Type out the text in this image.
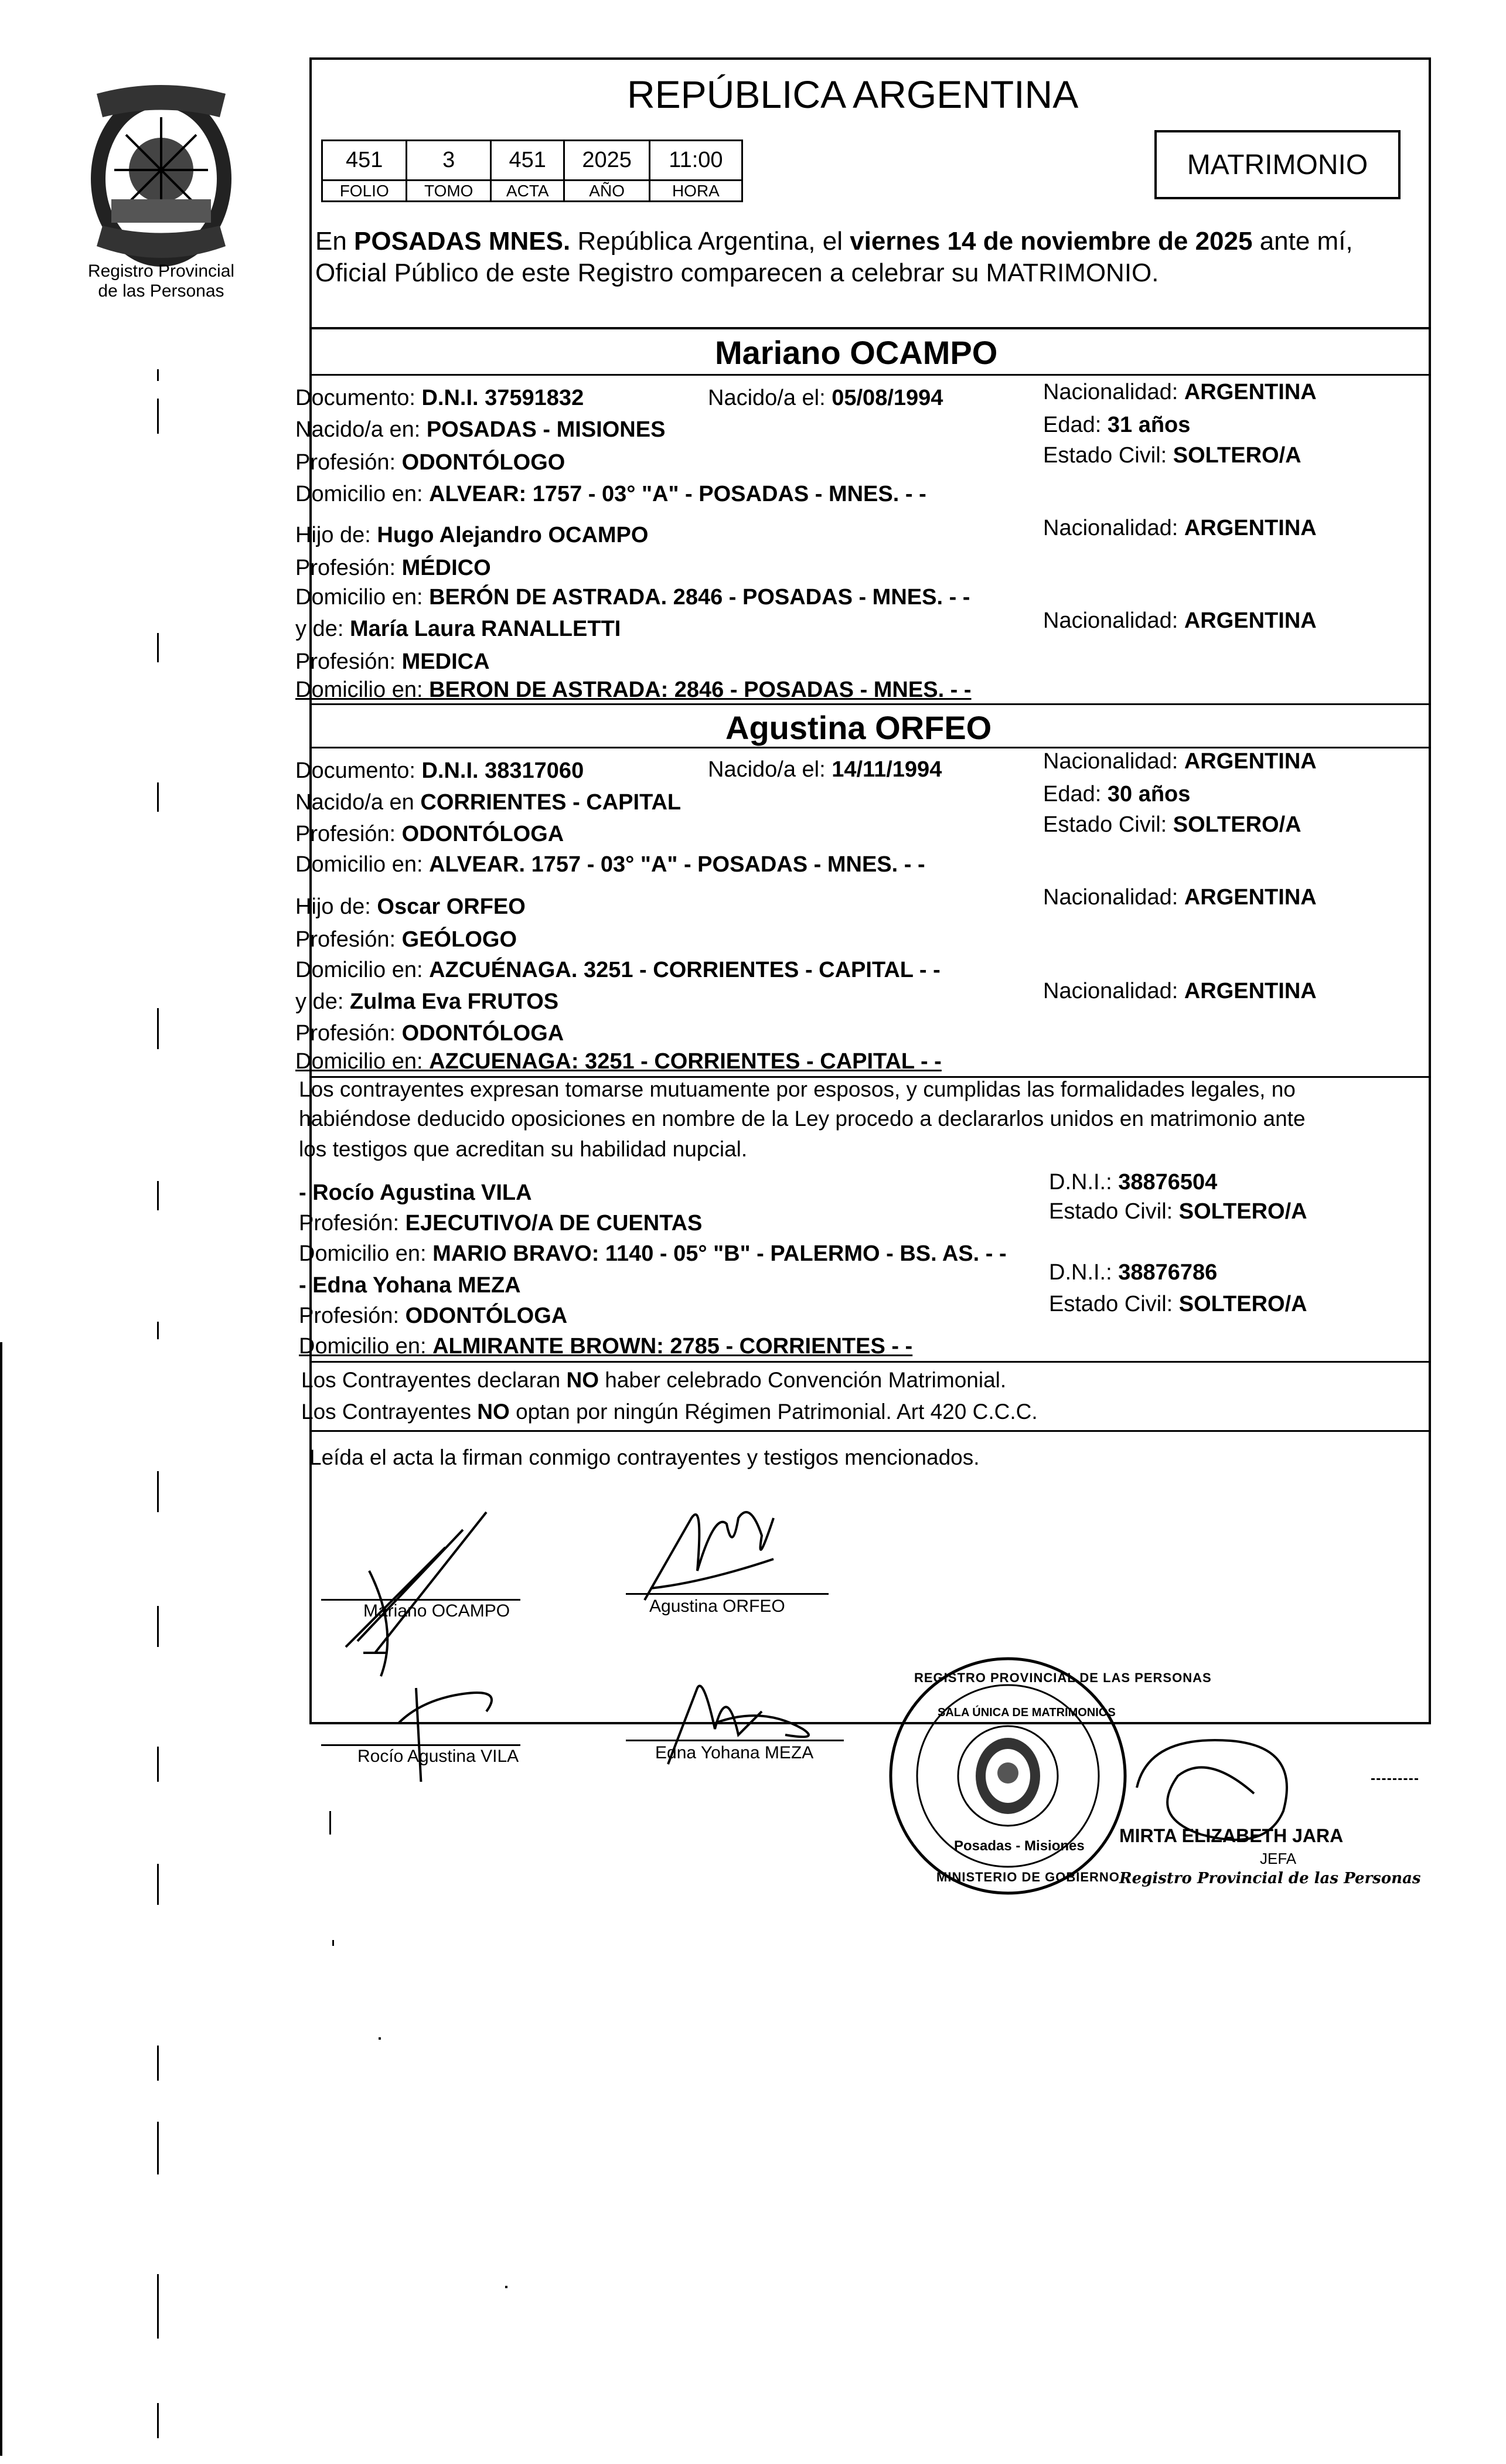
Registro Provincial
de las Personas
REPÚBLICA ARGENTINA
451	3	451	2025	11:00
FOLIO	TOMO	ACTA	AÑO	HORA
MATRIMONIO
En POSADAS MNES. República Argentina, el viernes 14 de noviembre de 2025 ante mí,
Oficial Público de este Registro comparecen a celebrar su MATRIMONIO.
Mariano OCAMPO
Documento: D.N.I. 37591832	Nacido/a el: 05/08/1994	Nacionalidad: ARGENTINA
Nacido/a en: POSADAS - MISIONES	Edad: 31 años
Profesión: ODONTÓLOGO	Estado Civil: SOLTERO/A
Domicilio en: ALVEAR: 1757 - 03° "A" - POSADAS - MNES. - -
Hijo de: Hugo Alejandro OCAMPO	Nacionalidad: ARGENTINA
Profesión: MÉDICO
Domicilio en: BERÓN DE ASTRADA. 2846 - POSADAS - MNES. - -
y de: María Laura RANALLETTI	Nacionalidad: ARGENTINA
Profesión: MEDICA
Domicilio en: BERON DE ASTRADA: 2846 - POSADAS - MNES. - -
Agustina ORFEO
Documento: D.N.I. 38317060	Nacido/a el: 14/11/1994	Nacionalidad: ARGENTINA
Nacido/a en CORRIENTES - CAPITAL	Edad: 30 años
Profesión: ODONTÓLOGA	Estado Civil: SOLTERO/A
Domicilio en: ALVEAR. 1757 - 03° "A" - POSADAS - MNES. - -
Hijo de: Oscar ORFEO	Nacionalidad: ARGENTINA
Profesión: GEÓLOGO
Domicilio en: AZCUÉNAGA. 3251 - CORRIENTES - CAPITAL - -
y de: Zulma Eva FRUTOS	Nacionalidad: ARGENTINA
Profesión: ODONTÓLOGA
Domicilio en: AZCUENAGA: 3251 - CORRIENTES - CAPITAL - -
Los contrayentes expresan tomarse mutuamente por esposos, y cumplidas las formalidades legales, no
habiéndose deducido oposiciones en nombre de la Ley procedo a declararlos unidos en matrimonio ante
los testigos que acreditan su habilidad nupcial.
- Rocío Agustina VILA	D.N.I.: 38876504
Profesión: EJECUTIVO/A DE CUENTAS	Estado Civil: SOLTERO/A
Domicilio en: MARIO BRAVO: 1140 - 05° "B" - PALERMO - BS. AS. - -
- Edna Yohana MEZA
D.N.I.: 38876786
Profesión: ODONTÓLOGA	Estado Civil: SOLTERO/A
Domicilio en: ALMIRANTE BROWN: 2785 - CORRIENTES - -
Los Contrayentes declaran NO haber celebrado Convención Matrimonial.
Los Contrayentes NO optan por ningún Régimen Patrimonial. Art 420 C.C.C.
Leída el acta la firman conmigo contrayentes y testigos mencionados.
Mariano OCAMPO	Agustina ORFEO
Rocío Agustina VILA	Edna Yohana MEZA
REGISTRO PROVINCIAL DE LAS PERSONAS
SALA ÚNICA DE MATRIMONIOS
Posadas - Misiones
MINISTERIO DE GOBIERNO
MIRTA ELIZABETH JARA
JEFA
Registro Provincial de las Personas
